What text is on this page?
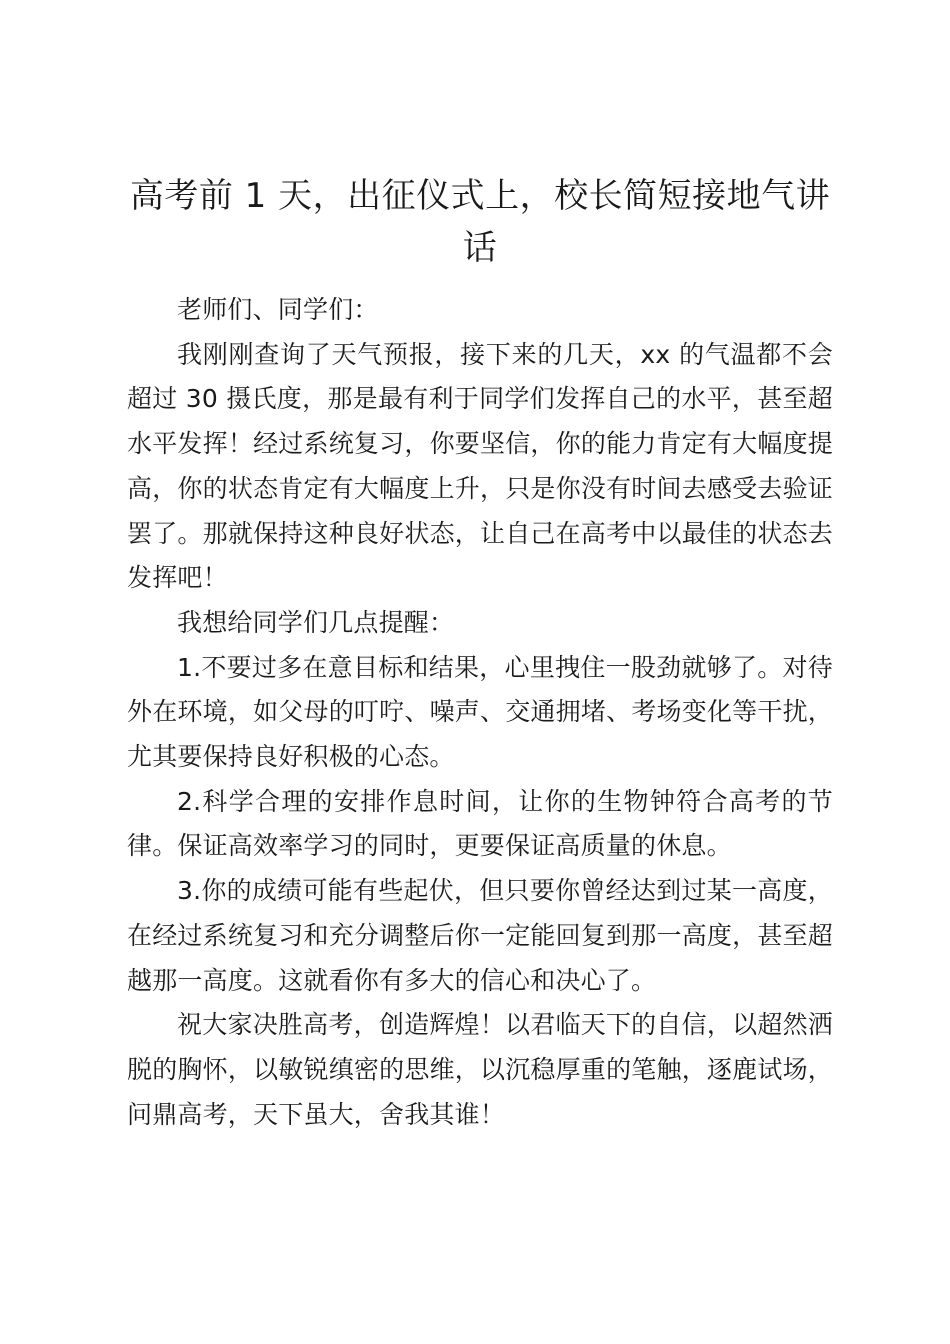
高考前 1 天，出征仪式上，校长简短接地气讲话

老师们、同学们：

我刚刚查询了天气预报，接下来的几天，xx 的气温都不会超过 30 摄氏度，那是最有利于同学们发挥自己的水平，甚至超水平发挥！经过系统复习，你要坚信，你的能力肯定有大幅度提高，你的状态肯定有大幅度上升，只是你没有时间去感受去验证罢了。那就保持这种良好状态，让自己在高考中以最佳的状态去发挥吧！

我想给同学们几点提醒：

1.不要过多在意目标和结果，心里拽住一股劲就够了。对待外在环境，如父母的叮咛、噪声、交通拥堵、考场变化等干扰，尤其要保持良好积极的心态。

2.科学合理的安排作息时间，让你的生物钟符合高考的节律。保证高效率学习的同时，更要保证高质量的休息。

3.你的成绩可能有些起伏，但只要你曾经达到过某一高度，在经过系统复习和充分调整后你一定能回复到那一高度，甚至超越那一高度。这就看你有多大的信心和决心了。

祝大家决胜高考，创造辉煌！以君临天下的自信，以超然洒脱的胸怀，以敏锐缜密的思维，以沉稳厚重的笔触，逐鹿试场，问鼎高考，天下虽大，舍我其谁！
